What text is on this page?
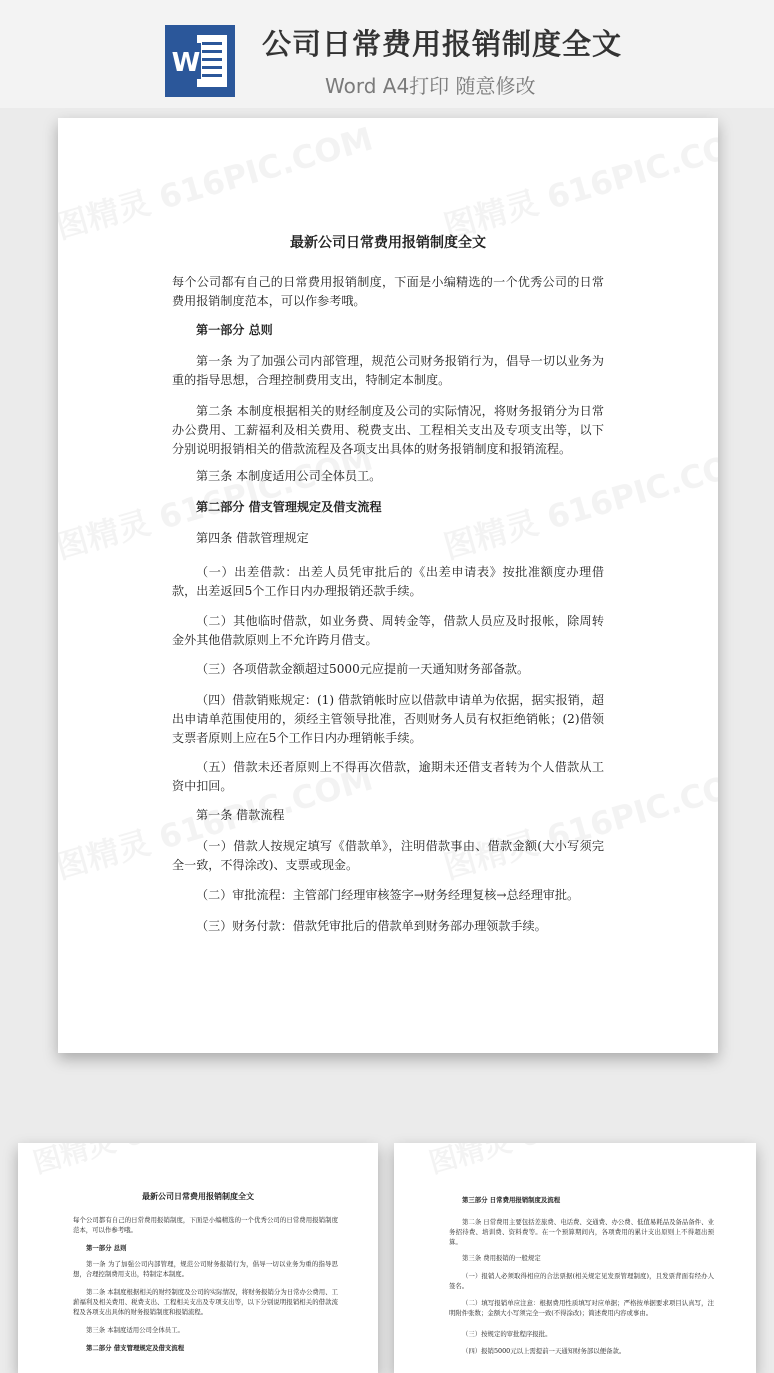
W
公司日常费用报销制度全文
Word A4打印 随意修改
最新公司日常费用报销制度全文
每个公司都有自己的日常费用报销制度，下面是小编精选的一个优秀公司的日常费用报销制度范本，可以作参考哦。
第一部分 总则
第一条 为了加强公司内部管理，规范公司财务报销行为，倡导一切以业务为重的指导思想，合理控制费用支出，特制定本制度。
第二条 本制度根据相关的财经制度及公司的实际情况，将财务报销分为日常办公费用、工薪福利及相关费用、税费支出、工程相关支出及专项支出等，以下分别说明报销相关的借款流程及各项支出具体的财务报销制度和报销流程。
第三条 本制度适用公司全体员工。
第二部分 借支管理规定及借支流程
第四条 借款管理规定
（一）出差借款：出差人员凭审批后的《出差申请表》按批准额度办理借款，出差返回5个工作日内办理报销还款手续。
（二）其他临时借款，如业务费、周转金等，借款人员应及时报帐，除周转金外其他借款原则上不允许跨月借支。
（三）各项借款金额超过5000元应提前一天通知财务部备款。
（四）借款销账规定：(1) 借款销帐时应以借款申请单为依据，据实报销，超出申请单范围使用的，须经主管领导批准，否则财务人员有权拒绝销帐；(2)借领支票者原则上应在5个工作日内办理销帐手续。
（五）借款未还者原则上不得再次借款，逾期未还借支者转为个人借款从工资中扣回。
第一条 借款流程
（一）借款人按规定填写《借款单》，注明借款事由、借款金额(大小写须完全一致，不得涂改)、支票或现金。
（二）审批流程：主管部门经理审核签字→财务经理复核→总经理审批。
（三）财务付款：借款凭审批后的借款单到财务部办理领款手续。
最新公司日常费用报销制度全文
每个公司都有自己的日常费用报销制度，下面是小编精选的一个优秀公司的日常费用报销制度范本，可以作参考哦。
第一部分 总则
第一条 为了加强公司内部管理，规范公司财务报销行为，倡导一切以业务为重的指导思想，合理控制费用支出，特制定本制度。
第二条 本制度根据相关的财经制度及公司的实际情况，将财务报销分为日常办公费用、工薪福利及相关费用、税费支出、工程相关支出及专项支出等，以下分别说明报销相关的借款流程及各项支出具体的财务报销制度和报销流程。
第三条 本制度适用公司全体员工。
第二部分 借支管理规定及借支流程
第三部分 日常费用报销制度及流程
第二条 日常费用主要包括差旅费、电话费、交通费、办公费、低值易耗品及备品备件、业务招待费、培训费、资料费等。在一个预算期间内，各项费用的累计支出原则上不得超出预算。
第三条 费用报销的一般规定
（一）报销人必须取得相应的合法票据(相关规定见发票管理制度)，且发票背面有经办人签名。
（二）填写报销单应注意：根据费用性质填写对应单据；严格按单据要求项目认真写，注明附件张数；金额大小写须完全一致(不得涂改)；简述费用内容或事由。
（三）按规定的审批程序报批。
（四）报销5000元以上需提前一天通知财务部以便备款。
